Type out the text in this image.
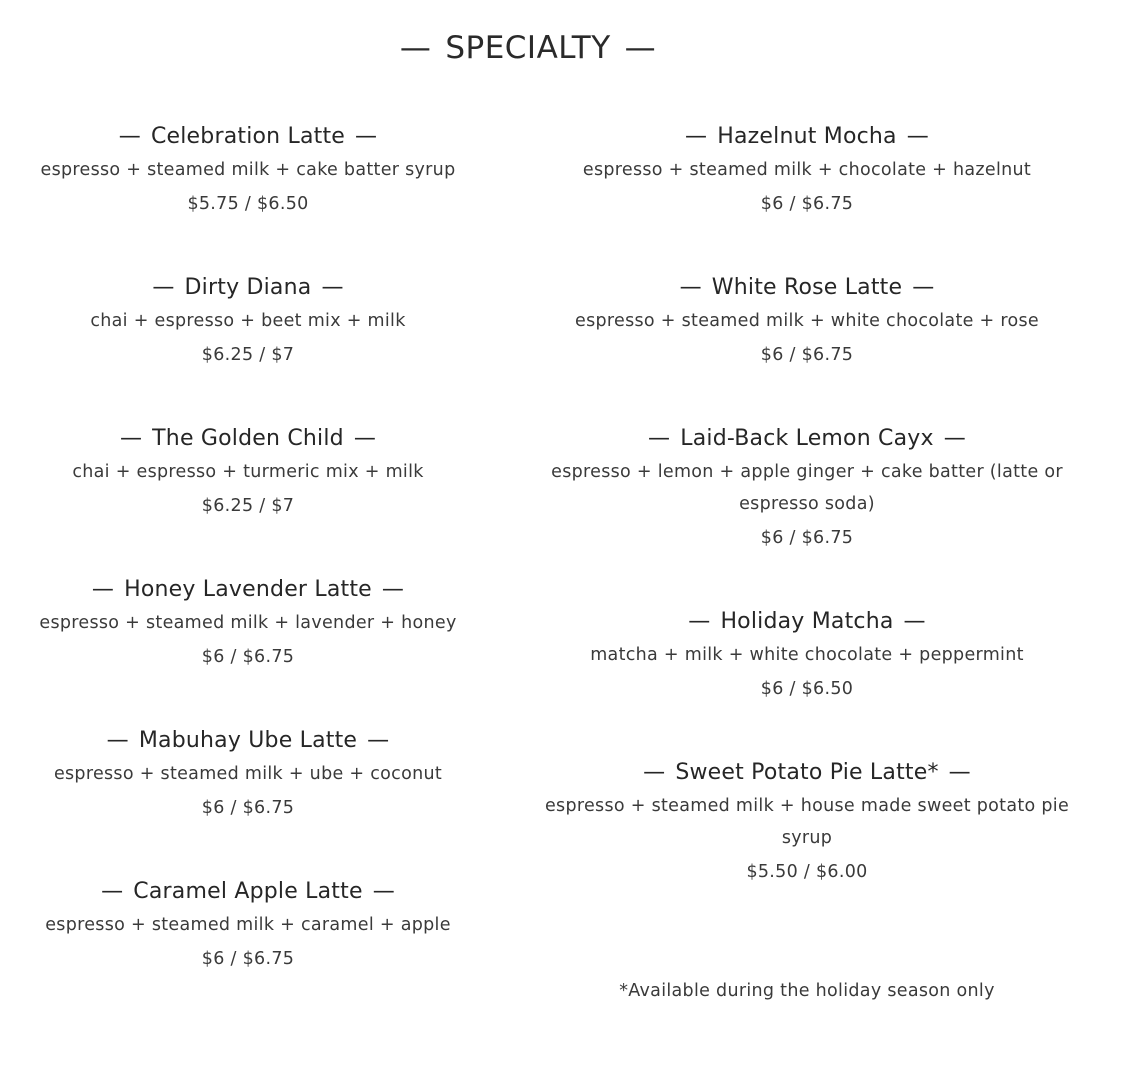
— SPECIALTY —
— Celebration Latte —
espresso + steamed milk + cake batter syrup
$5.75 / $6.50
— Dirty Diana —
chai + espresso + beet mix + milk
$6.25 / $7
— The Golden Child —
chai + espresso + turmeric mix + milk
$6.25 / $7
— Honey Lavender Latte —
espresso + steamed milk + lavender + honey
$6 / $6.75
— Mabuhay Ube Latte —
espresso + steamed milk + ube + coconut
$6 / $6.75
— Caramel Apple Latte —
espresso + steamed milk + caramel + apple
$6 / $6.75
— Hazelnut Mocha —
espresso + steamed milk + chocolate + hazelnut
$6 / $6.75
— White Rose Latte —
espresso + steamed milk + white chocolate + rose
$6 / $6.75
— Laid-Back Lemon Cayx —
espresso + lemon + apple ginger + cake batter (latte or espresso soda)
$6 / $6.75
— Holiday Matcha —
matcha + milk + white chocolate + peppermint
$6 / $6.50
— Sweet Potato Pie Latte* —
espresso + steamed milk + house made sweet potato pie syrup
$5.50 / $6.00
*Available during the holiday season only
